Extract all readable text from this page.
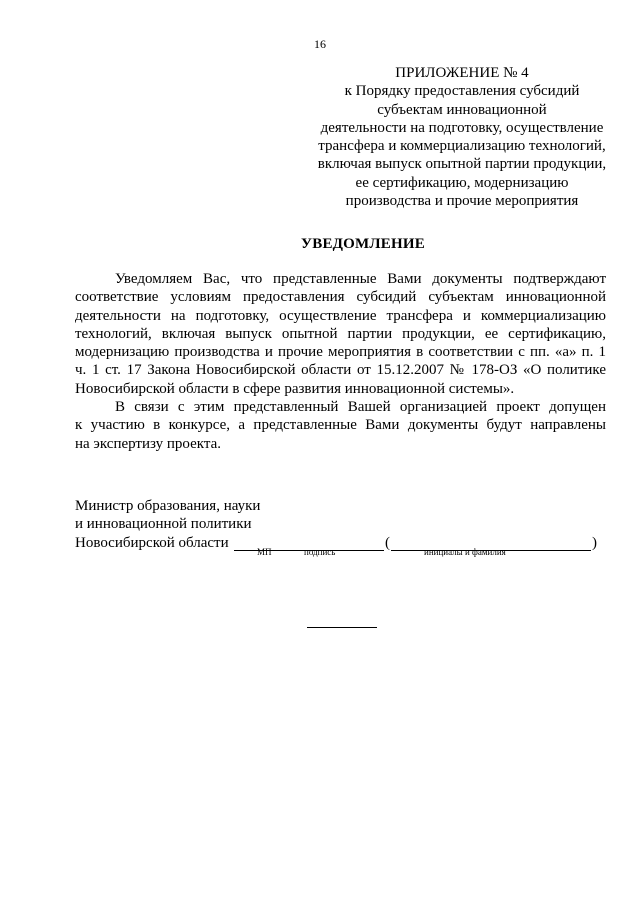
16
ПРИЛОЖЕНИЕ № 4
к Порядку предоставления субсидий
субъектам инновационной
деятельности на подготовку, осуществление
трансфера и коммерциализацию технологий,
включая выпуск опытной партии продукции,
ее сертификацию, модернизацию
производства и прочие мероприятия
УВЕДОМЛЕНИЕ
Уведомляем Вас, что представленные Вами документы подтверждают
соответствие условиям предоставления субсидий субъектам инновационной
деятельности на подготовку, осуществление трансфера и коммерциализацию
технологий, включая выпуск опытной партии продукции, ее сертификацию,
модернизацию производства и прочие мероприятия в соответствии с пп. «а» п. 1
ч. 1 ст. 17 Закона Новосибирской области от 15.12.2007 № 178-ОЗ «О политике
Новосибирской области в сфере развития инновационной системы».
В связи с этим представленный Вашей организацией проект допущен
к участию в конкурсе, а представленные Вами документы будут направлены
на экспертизу проекта.
Министр образования, науки
и инновационной политики
Новосибирской области	(	)
МП	подпись	инициалы и фамилия
